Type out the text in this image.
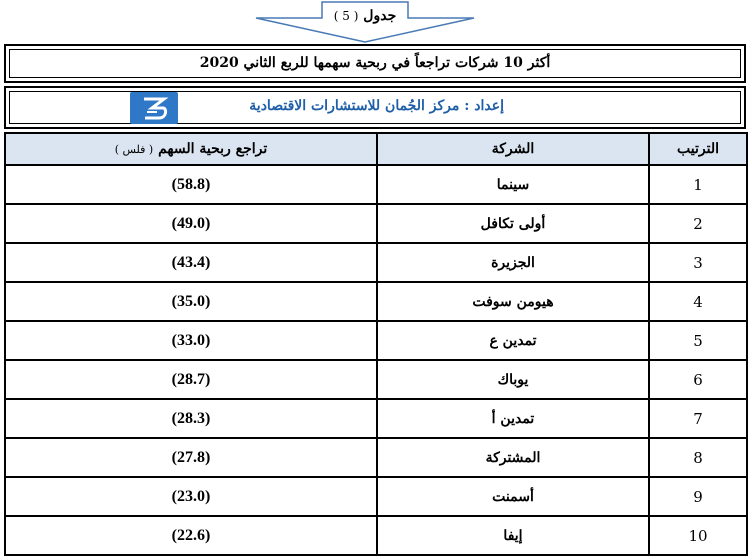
جدول ( 5 )
أكثر 10 شركات تراجعاً في ربحية سهمها للربع الثاني 2020
إعداد : مركز الجُمان للاستشارات الاقتصادية
الترتيب	الشركة	تراجع ربحية السهم ( فلس )
1	سينما	(58.8)
2	أولى تكافل	(49.0)
3	الجزيرة	(43.4)
4	هيومن سوفت	(35.0)
5	تمدين ع	(33.0)
6	يوباك	(28.7)
7	تمدين أ	(28.3)
8	المشتركة	(27.8)
9	أسمنت	(23.0)
10	إيفا	(22.6)
